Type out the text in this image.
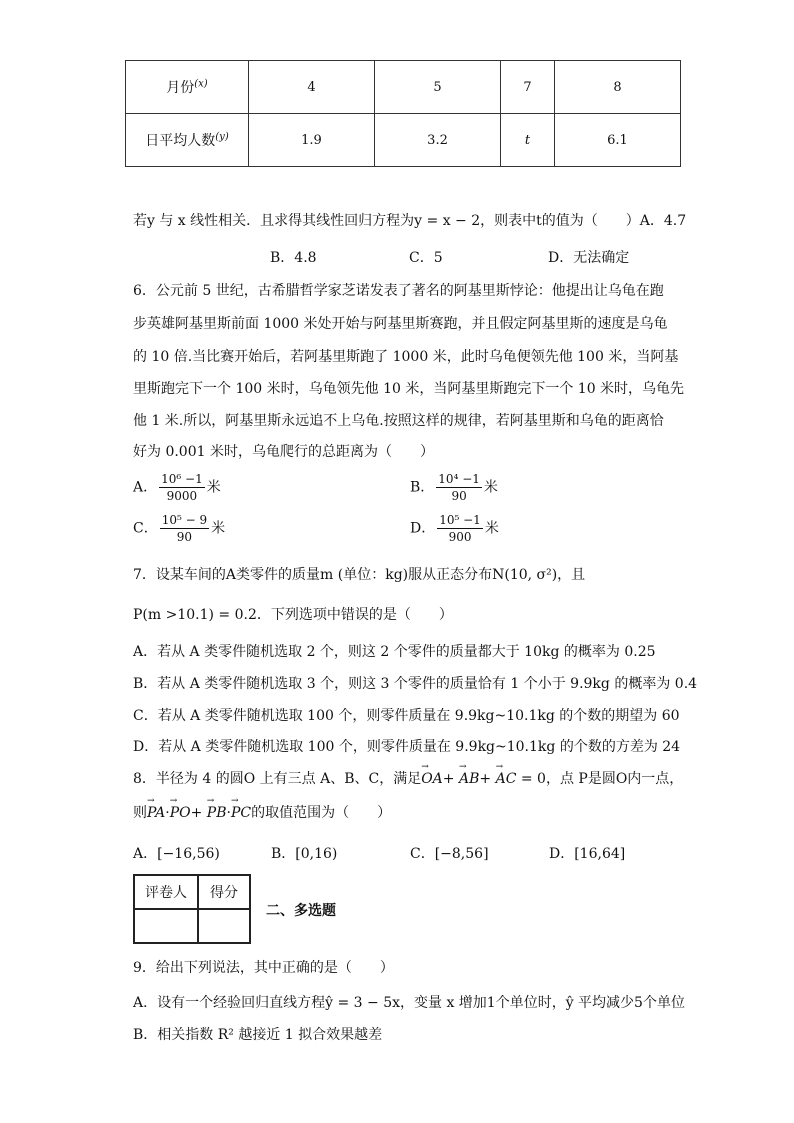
月份$^{(x)}$	4	5	7	8
日平均人数$^{(y)}$	1.9	3.2	t	6.1
若y 与 x 线性相关．且求得其线性回归方程为y = x − 2，则表中t的值为（　　）A．4.7
B．4.8	C．5	D．无法确定
6．公元前 5 世纪，古希腊哲学家芝诺发表了著名的阿基里斯悖论：他提出让乌龟在跑
步英雄阿基里斯前面 1000 米处开始与阿基里斯赛跑，并且假定阿基里斯的速度是乌龟
的 10 倍.当比赛开始后，若阿基里斯跑了 1000 米，此时乌龟便领先他 100 米，当阿基
里斯跑完下一个 100 米时，乌龟领先他 10 米，当阿基里斯跑完下一个 10 米时，乌龟先
他 1 米.所以，阿基里斯永远追不上乌龟.按照这样的规律，若阿基里斯和乌龟的距离恰
好为 0.001 米时，乌龟爬行的总距离为（　　）
A． $\frac{\text{10⁶ −1}}{9000}$ 米	B． $\frac{\text{10⁴ −1}}{90}$ 米
C． $\frac{\text{10⁵ − 9}}{90}$ 米	D． $\frac{\text{10⁵ −1}}{900}$ 米
7．设某车间的A类零件的质量m (单位：kg)服从正态分布N(10, σ²)，且
P(m >10.1) = 0.2．下列选项中错误的是（　　）
A．若从 A 类零件随机选取 2 个，则这 2 个零件的质量都大于 10kg 的概率为 0.25
B．若从 A 类零件随机选取 3 个，则这 3 个零件的质量恰有 1 个小于 9.9kg 的概率为 0.4
C．若从 A 类零件随机选取 100 个，则零件质量在 9.9kg~10.1kg 的个数的期望为 60
D．若从 A 类零件随机选取 100 个，则零件质量在 9.9kg~10.1kg 的个数的方差为 24
8．半径为 4 的圆O 上有三点 A、B、C，满足→ OA+ → AB+ → AC = 0，点 P是圆O内一点，
则→ PA·→ PO+ → PB·→ PC的取值范围为（　　）
A．[−16,56)	B．[0,16)	C．[−8,56]	D．[16,64]
评卷人	得分

二、多选题
9．给出下列说法，其中正确的是（　　）
A．设有一个经验回归直线方程ŷ = 3 − 5x，变量 x 增加1个单位时，ŷ 平均减少5个单位
B．相关指数 R² 越接近 1 拟合效果越差
